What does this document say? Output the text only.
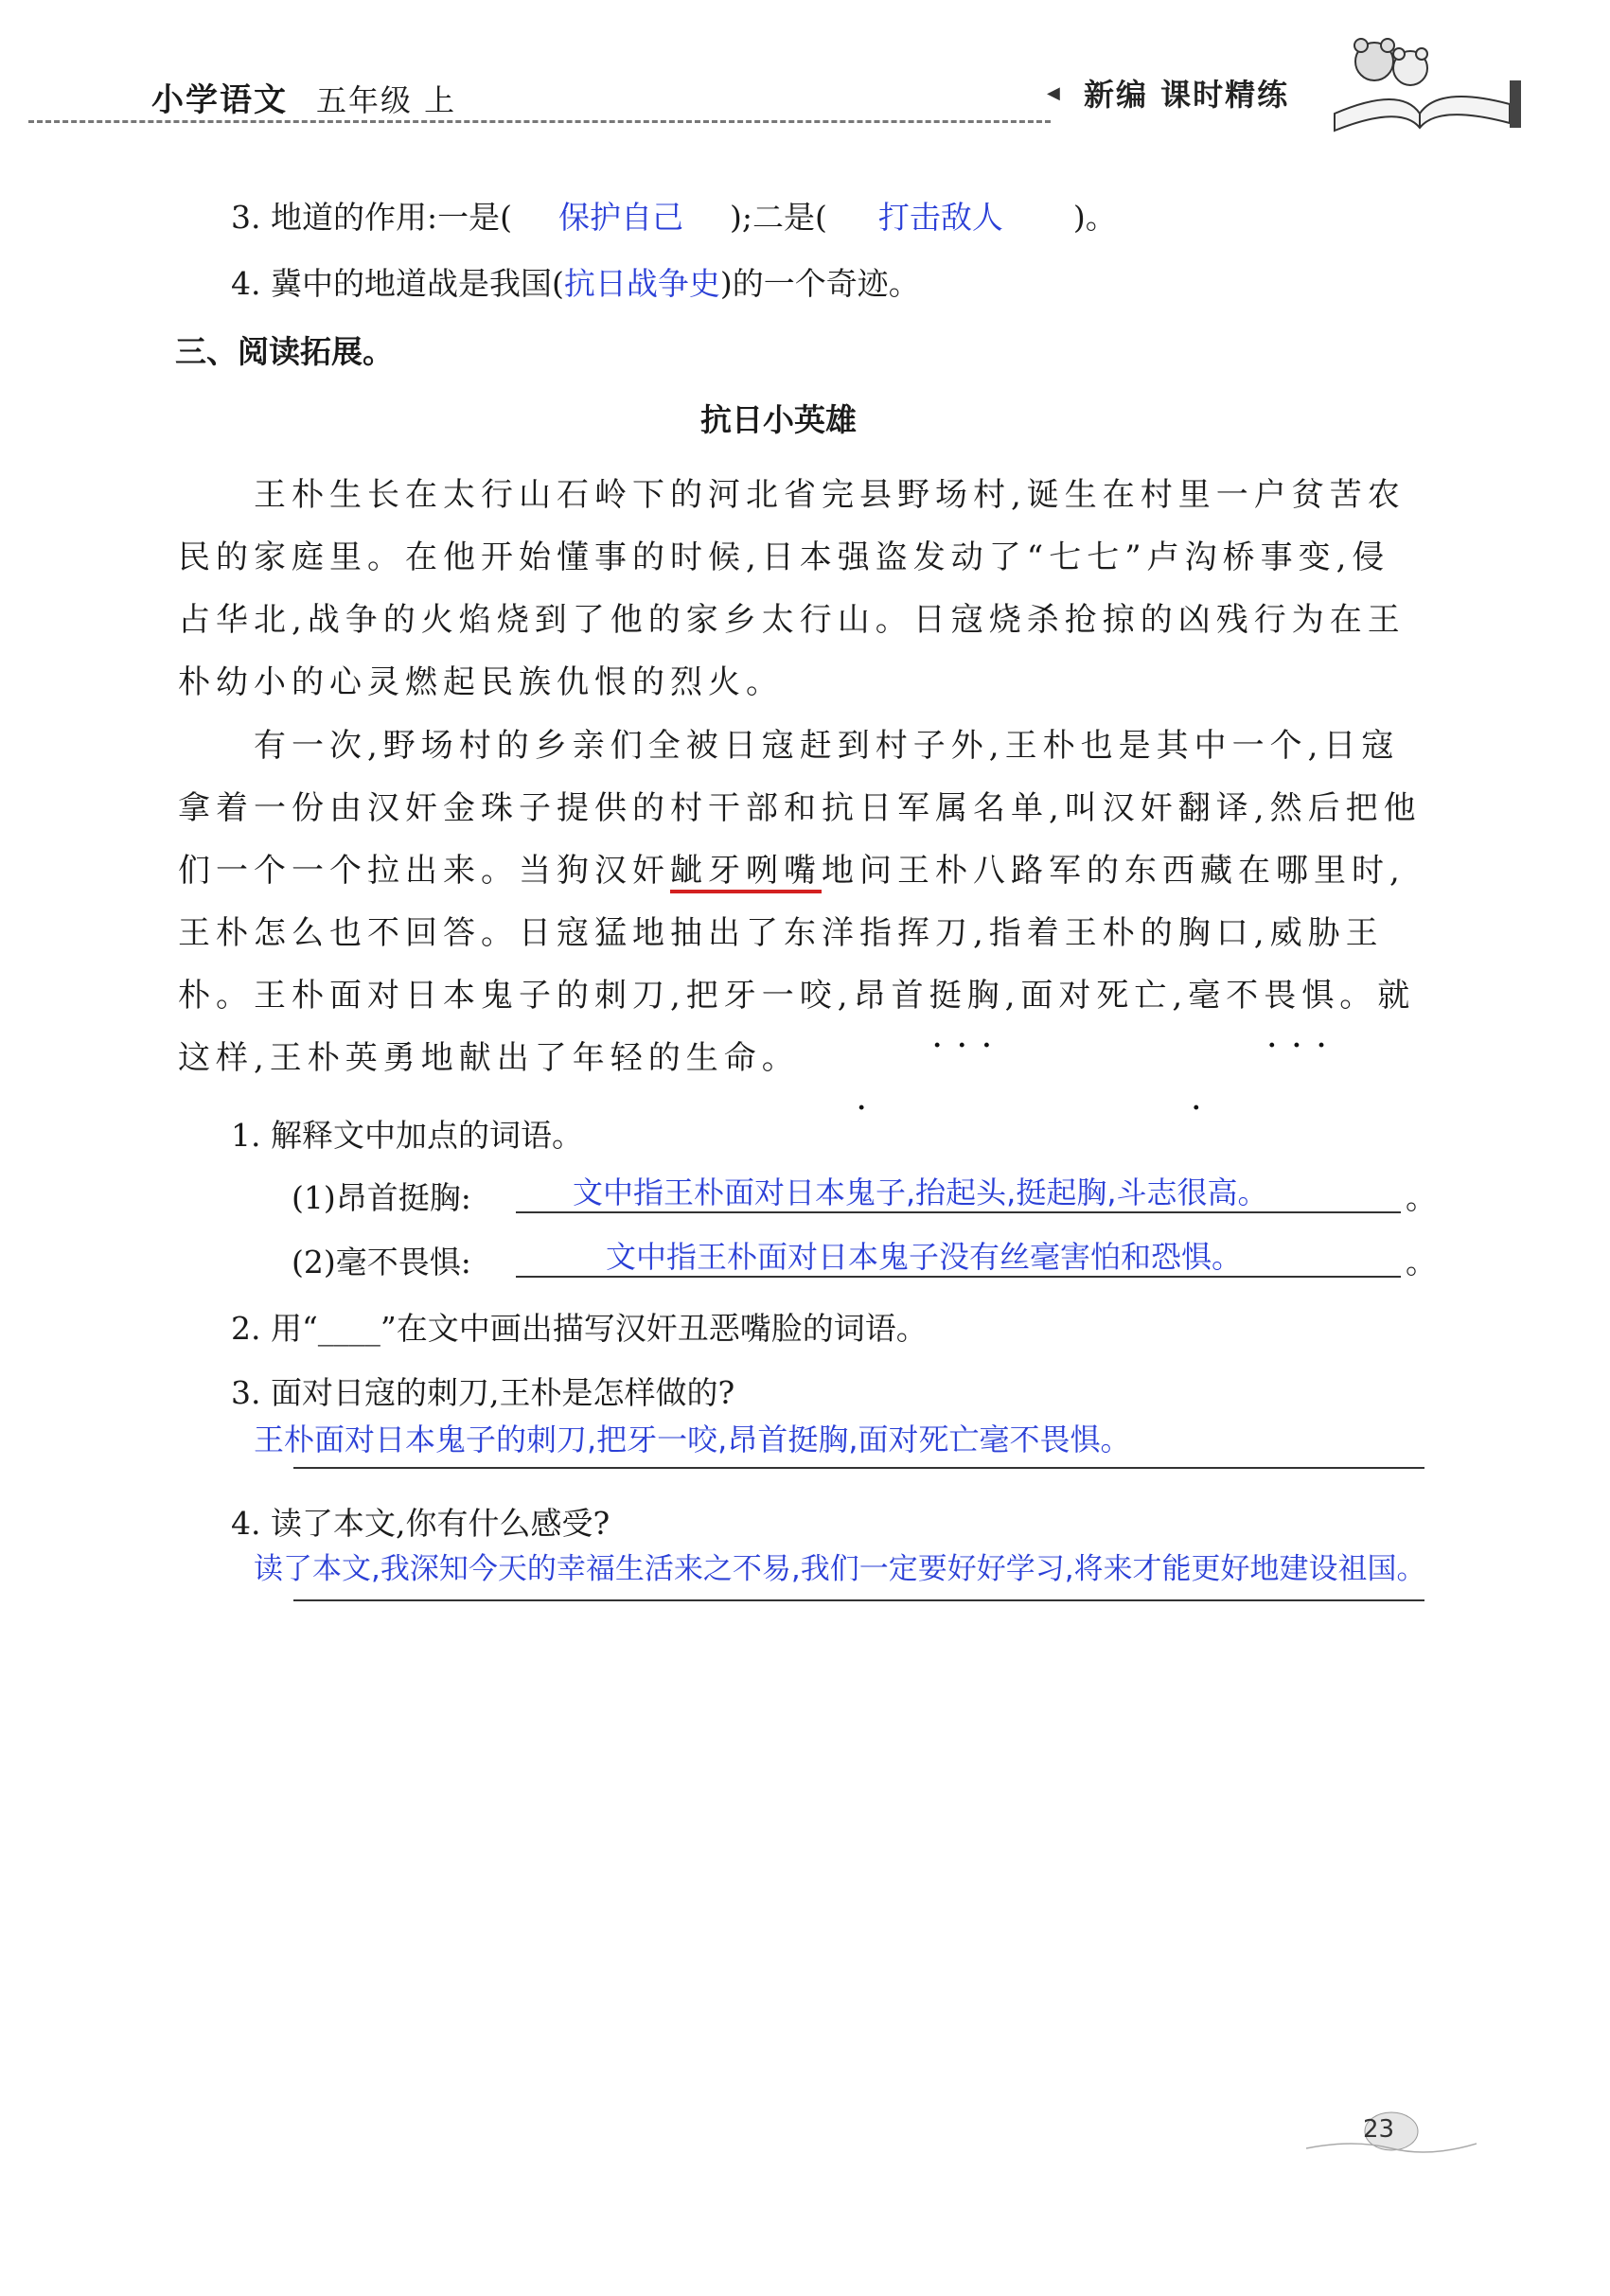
小学语文 五年级 上	◀ 新编 课时精练
3. 地道的作用:一是( 保护自己 );二是( 打击敌人 )。
4. 冀中的地道战是我国(抗日战争史)的一个奇迹。
三、阅读拓展。
抗日小英雄

王朴生长在太行山石岭下的河北省完县野场村,诞生在村里一户贫苦农民的家庭里。在他开始懂事的时候,日本强盗发动了“七七”卢沟桥事变,侵占华北,战争的火焰烧到了他的家乡太行山。日寇烧杀抢掠的凶残行为在王朴幼小的心灵燃起民族仇恨的烈火。

有一次,野场村的乡亲们全被日寇赶到村子外,王朴也是其中一个,日寇拿着一份由汉奸金珠子提供的村干部和抗日军属名单,叫汉奸翻译,然后把他们一个一个拉出来。当狗汉奸龇牙咧嘴地问王朴八路军的东西藏在哪里时,王朴怎么也不回答。日寇猛地抽出了东洋指挥刀,指着王朴的胸口,威胁王朴。王朴面对日本鬼子的刺刀,把牙一咬,昂首挺胸 · · ,面对死亡,毫不畏惧 · · 。就这样,王朴英勇地献出了年轻的生命。

1. 解释文中加点的词语。
(1)昂首挺胸:	文中指王朴面对日本鬼子,抬起头,挺起胸,斗志很高。	。
(2)毫不畏惧:	文中指王朴面对日本鬼子没有丝毫害怕和恐惧。	。
2. 用“____”在文中画出描写汉奸丑恶嘴脸的词语。
3. 面对日寇的刺刀,王朴是怎样做的?
王朴面对日本鬼子的刺刀,把牙一咬,昂首挺胸,面对死亡毫不畏惧。
4. 读了本文,你有什么感受?
读了本文,我深知今天的幸福生活来之不易,我们一定要好好学习,将来才能更好地建设祖国。
23
